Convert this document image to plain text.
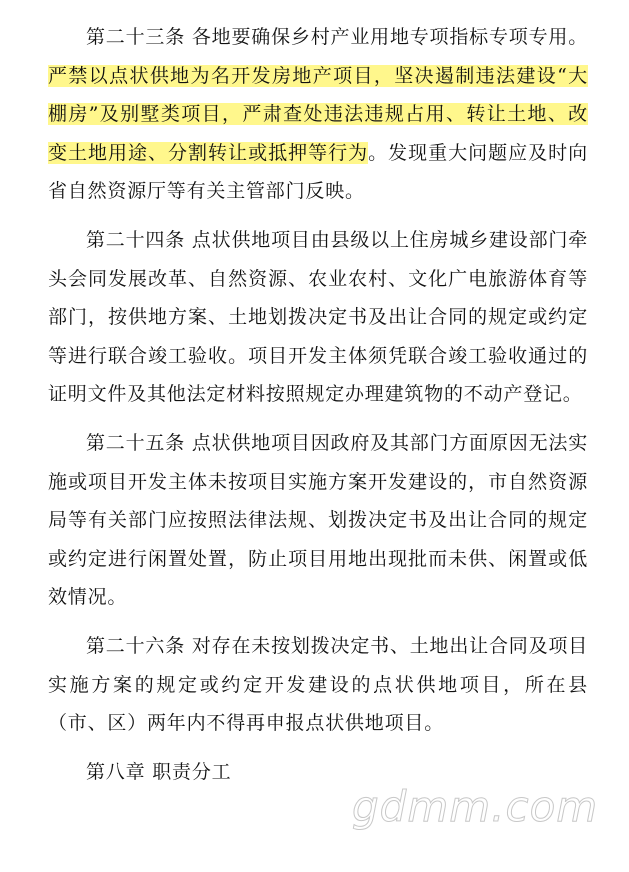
第二十三条 各地要确保乡村产业用地专项指标专项专用。严禁以点状供地为名开发房地产项目，坚决遏制违法建设“大棚房”及别墅类项目，严肃查处违法违规占用、转让土地、改变土地用途、分割转让或抵押等行为。发现重大问题应及时向省自然资源厅等有关主管部门反映。

第二十四条 点状供地项目由县级以上住房城乡建设部门牵头会同发展改革、自然资源、农业农村、文化广电旅游体育等部门，按供地方案、土地划拨决定书及出让合同的规定或约定等进行联合竣工验收。项目开发主体须凭联合竣工验收通过的证明文件及其他法定材料按照规定办理建筑物的不动产登记。

第二十五条 点状供地项目因政府及其部门方面原因无法实施或项目开发主体未按项目实施方案开发建设的，市自然资源局等有关部门应按照法律法规、划拨决定书及出让合同的规定或约定进行闲置处置，防止项目用地出现批而未供、闲置或低效情况。

第二十六条 对存在未按划拨决定书、土地出让合同及项目实施方案的规定或约定开发建设的点状供地项目，所在县（市、区）两年内不得再申报点状供地项目。

第八章 职责分工

gdmm.com
